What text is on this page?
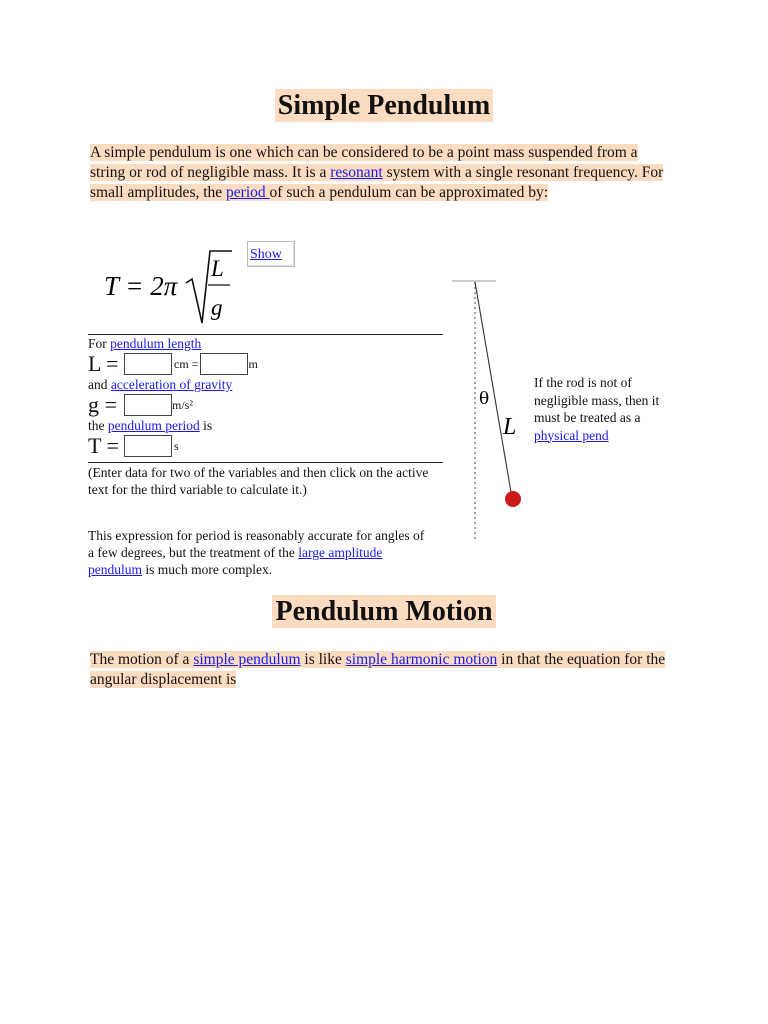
Simple Pendulum
A simple pendulum is one which can be considered to be a point mass suspended from a string or rod of negligible mass. It is a resonant system with a single resonant frequency. For small amplitudes, the period of such a pendulum can be approximated by:
T = 2π
L
g
Show
For pendulum length
L =	cm =	m
and acceleration of gravity
g =	m/s²
the pendulum period is
T =	s
(Enter data for two of the variables and then click on the active text for the third variable to calculate it.)
This expression for period is reasonably accurate for angles of a few degrees, but the treatment of the large amplitude pendulum is much more complex.
θ
L
If the rod is not of negligible mass, then it must be treated as a physical pend
Pendulum Motion
The motion of a simple pendulum is like simple harmonic motion in that the equation for the angular displacement is
